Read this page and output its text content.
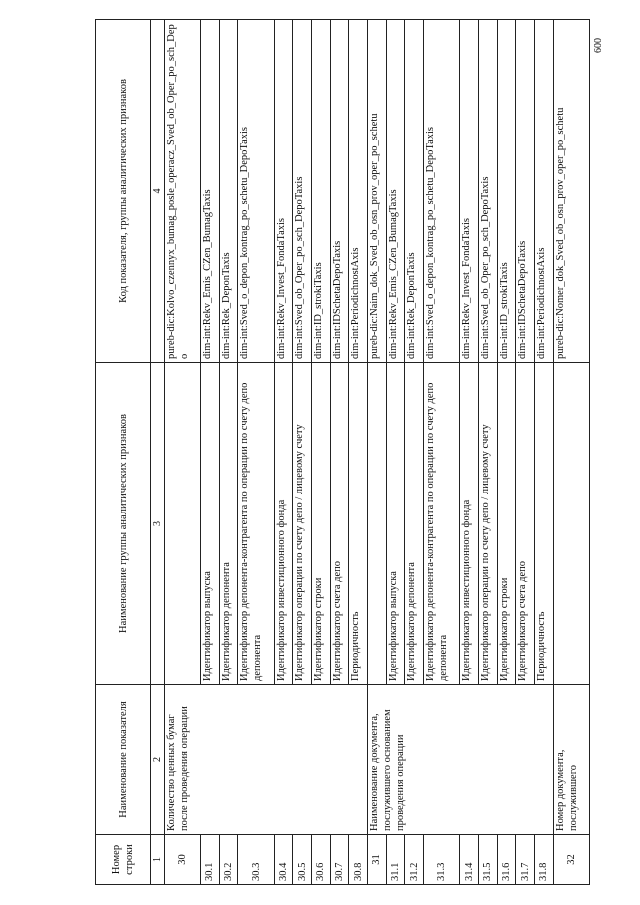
600
Номер строки	Наименование показателя	Наименование группы аналитических признаков	Код показателя, группы аналитических признаков
1	2	3	4
30	Количество ценных бумаг после проведения операции		pureb-dic:Kolvo_czennyx_bumag_posle_operacz_Sved_ob_Oper_po_sch_Depo
30.1		Идентификатор выпуска	dim-int:Rekv_Emis_CZen_BumagTaxis
30.2		Идентификатор депонента	dim-int:Rek_DeponTaxis
30.3		Идентификатор депонента-контрагента по операции по счету депо депонента	dim-int:Sved_o_depon_kontrag_po_schetu_DepoTaxis
30.4		Идентификатор инвестиционного фонда	dim-int:Rekv_Invest_FondaTaxis
30.5		Идентификатор операции по счету депо / лицевому счету	dim-int:Sved_ob_Oper_po_sch_DepoTaxis
30.6		Идентификатор строки	dim-int:ID_strokiTaxis
30.7		Идентификатор счета депо	dim-int:IDSchetaDepoTaxis
30.8		Периодичность	dim-int:PeriodichnostAxis
31	Наименование документа, послужившего основанием проведения операции		pureb-dic:Naim_dok_Sved_ob_osn_prov_oper_po_schetu
31.1		Идентификатор выпуска	dim-int:Rekv_Emis_CZen_BumagTaxis
31.2		Идентификатор депонента	dim-int:Rek_DeponTaxis
31.3		Идентификатор депонента-контрагента по операции по счету депо депонента	dim-int:Sved_o_depon_kontrag_po_schetu_DepoTaxis
31.4		Идентификатор инвестиционного фонда	dim-int:Rekv_Invest_FondaTaxis
31.5		Идентификатор операции по счету депо / лицевому счету	dim-int:Sved_ob_Oper_po_sch_DepoTaxis
31.6		Идентификатор строки	dim-int:ID_strokiTaxis
31.7		Идентификатор счета депо	dim-int:IDSchetaDepoTaxis
31.8		Периодичность	dim-int:PeriodichnostAxis
32	Номер документа, послужившего		pureb-dic:Nomer_dok_Sved_ob_osn_prov_oper_po_schetu
